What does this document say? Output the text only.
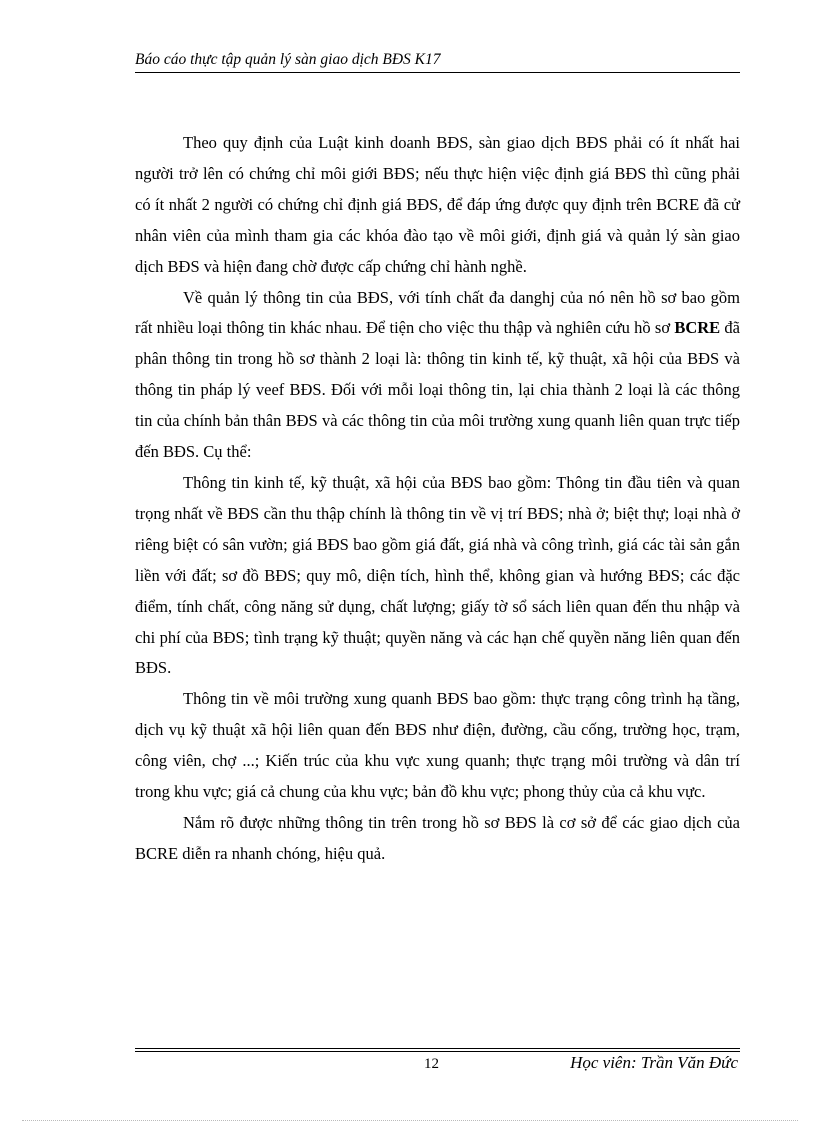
Báo cáo thực tập quản lý sàn giao dịch BĐS K17

Theo quy định của Luật kinh doanh BĐS, sàn giao dịch BĐS phải có ít nhất hai người trở lên có chứng chỉ môi giới BĐS; nếu thực hiện việc định giá BĐS thì cũng phải có ít nhất 2 người có chứng chỉ định giá BĐS, để đáp ứng được quy định trên BCRE đã cử nhân viên của mình tham gia các khóa đào tạo về môi giới, định giá và quản lý sàn giao dịch BĐS và hiện đang chờ được cấp chứng chỉ hành nghề.

Về quản lý thông tin của BĐS, với tính chất đa danghj của nó nên hồ sơ bao gồm rất nhiều loại thông tin khác nhau. Để tiện cho việc thu thập và nghiên cứu hồ sơ BCRE đã phân thông tin trong hồ sơ thành 2 loại là: thông tin kinh tế, kỹ thuật, xã hội của BĐS và thông tin pháp lý veef BĐS. Đối với mỗi loại thông tin, lại chia thành 2 loại là các thông tin của chính bản thân BĐS và các thông tin của môi trường xung quanh liên quan trực tiếp đến BĐS. Cụ thể:

Thông tin kinh tế, kỹ thuật, xã hội của BĐS bao gồm: Thông tin đầu tiên và quan trọng nhất về BĐS cần thu thập chính là thông tin về vị trí BĐS; nhà ở; biệt thự; loại nhà ở riêng biệt có sân vườn; giá BĐS bao gồm giá đất, giá nhà và công trình, giá các tài sản gắn liền với đất; sơ đồ BĐS; quy mô, diện tích, hình thể, không gian và hướng BĐS; các đặc điểm, tính chất, công năng sử dụng, chất lượng; giấy tờ sổ sách liên quan đến thu nhập và chi phí của BĐS; tình trạng kỹ thuật; quyền năng và các hạn chế quyền năng liên quan đến BĐS.

Thông tin về môi trường xung quanh BĐS bao gồm: thực trạng công trình hạ tầng, dịch vụ kỹ thuật xã hội liên quan đến BĐS như điện, đường, cầu cống, trường học, trạm, công viên, chợ ...; Kiến trúc của khu vực xung quanh; thực trạng môi trường và dân trí trong khu vực; giá cả chung của khu vực; bản đồ khu vực; phong thủy của cả khu vực.

Nắm rõ được những thông tin trên trong hồ sơ BĐS là cơ sở để các giao dịch của BCRE diễn ra nhanh chóng, hiệu quả.

12	Học viên: Trần Văn Đức
